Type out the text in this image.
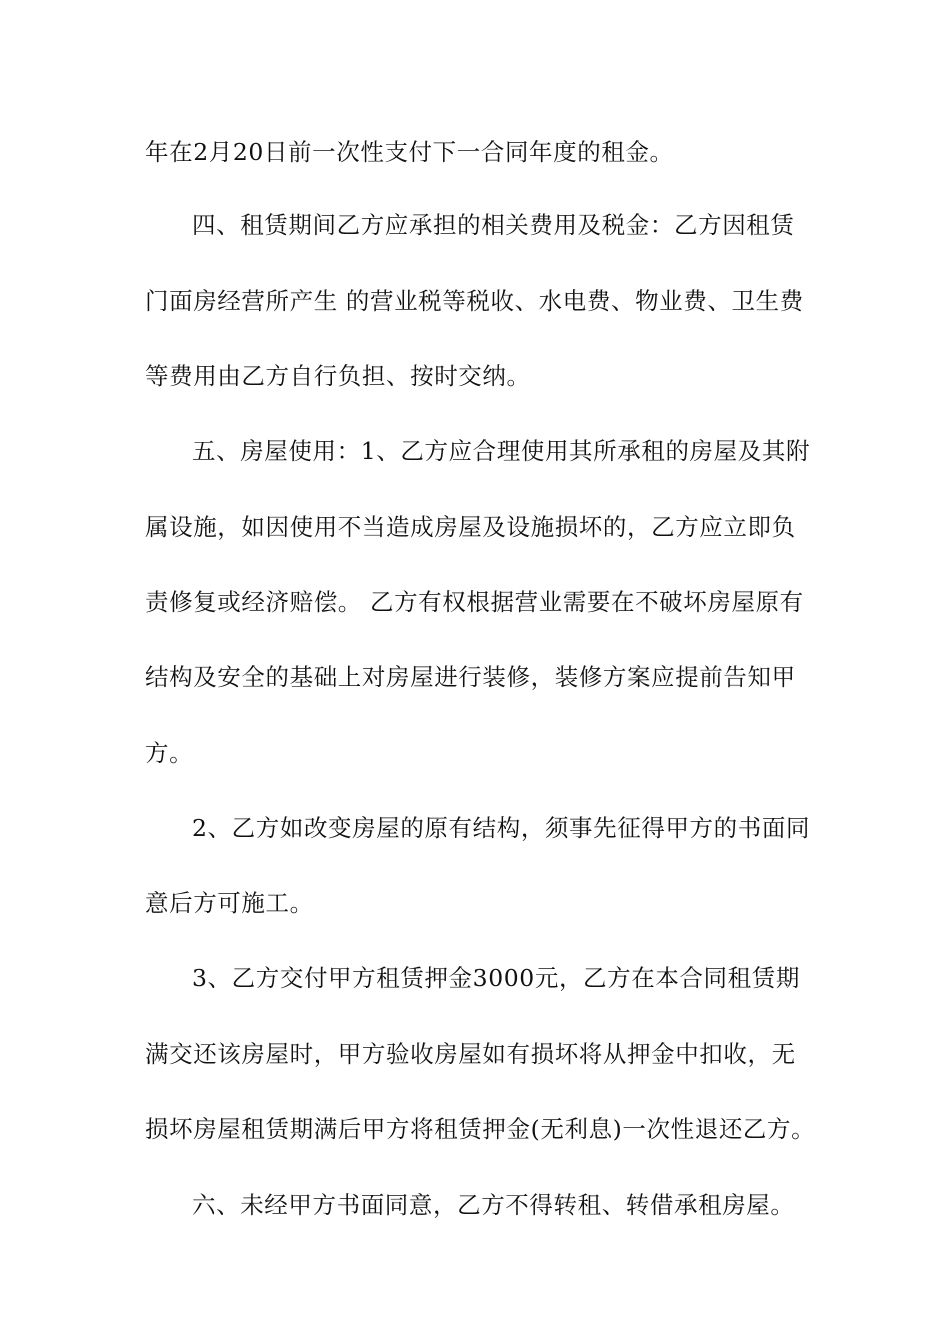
年在2月20日前一次性支付下一合同年度的租金。
四、租赁期间乙方应承担的相关费用及税金：乙方因租赁
门面房经营所产生 的营业税等税收、水电费、物业费、卫生费
等费用由乙方自行负担、按时交纳。
五、房屋使用：1、乙方应合理使用其所承租的房屋及其附
属设施，如因使用不当造成房屋及设施损坏的，乙方应立即负
责修复或经济赔偿。 乙方有权根据营业需要在不破坏房屋原有
结构及安全的基础上对房屋进行装修，装修方案应提前告知甲
方。
2、乙方如改变房屋的原有结构，须事先征得甲方的书面同
意后方可施工。
3、乙方交付甲方租赁押金3000元，乙方在本合同租赁期
满交还该房屋时，甲方验收房屋如有损坏将从押金中扣收，无
损坏房屋租赁期满后甲方将租赁押金(无利息)一次性退还乙方。
六、未经甲方书面同意，乙方不得转租、转借承租房屋。
